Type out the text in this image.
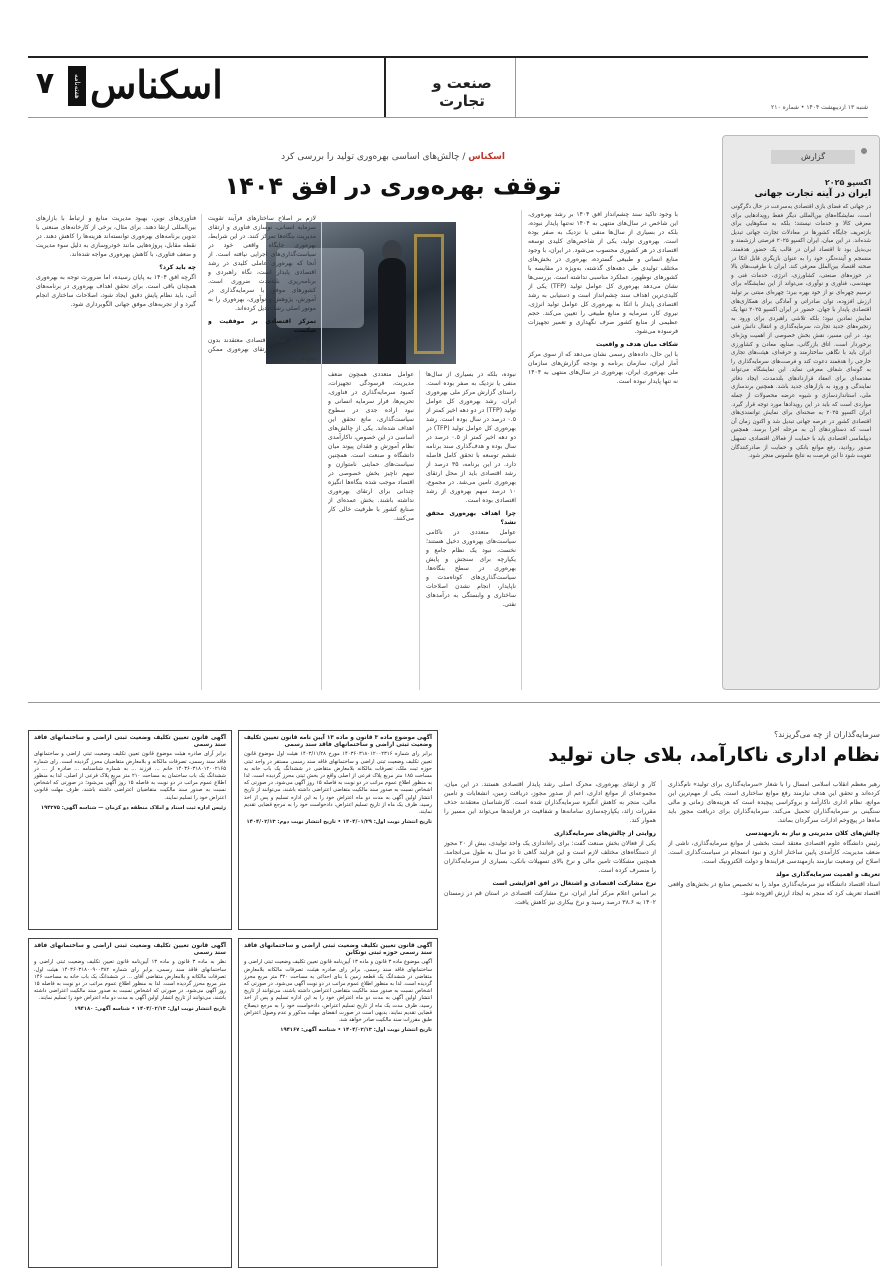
۷	هفته‌نامه اسکناس	صنعت و تجارت	شنبه ۱۳ اردیبهشت ۱۴۰۴ • شماره ۲۱۰
گزارش
اکسپو ۲۰۲۵
ایران در آینه تجارت جهانی

در جهانی که فضای بازی اقتصادی به‌سرعت در حال دگرگونی است، نمایشگاه‌های بین‌المللی دیگر فقط رویدادهایی برای معرفی کالا و خدمات نیستند؛ بلکه به سکوهایی برای بازتعریف جایگاه کشورها در معادلات تجارت جهانی تبدیل شده‌اند. در این میان، ایران اکسپو ۲۰۲۵ فرصتی ارزشمند و بی‌بدیل بود تا اقتصاد ایران در قالب یک حضور هدفمند، منسجم و آینده‌نگر، خود را به عنوان بازیگری قابل اتکا در صحنه اقتصاد بین‌الملل معرفی کند. ایران با ظرفیت‌های بالا در حوزه‌های صنعتی، کشاورزی، انرژی، خدمات فنی و مهندسی، فناوری و نوآوری، می‌تواند از این نمایشگاه برای ترسیم چهره‌ای نو از خود بهره ببرد؛ چهره‌ای مبتنی بر تولید ارزش افزوده، توان صادراتی و آمادگی برای همکاری‌های اقتصادی پایدار با جهان. حضور در ایران اکسپو ۲۰۲۵ تنها یک نمایش نمادین نبود؛ بلکه تلاشی راهبردی برای ورود به زنجیره‌های جدید تجارت، سرمایه‌گذاری و انتقال دانش فنی بود. در این مسیر، نقش بخش خصوصی از اهمیت ویژه‌ای برخوردار است. اتاق بازرگانی، صنایع، معادن و کشاورزی ایران باید با نگاهی ساختارمند و حرفه‌ای، هیئت‌های تجاری خارجی را هدفمند دعوت کند و فرصت‌های سرمایه‌گذاری را به گونه‌ای شفاف معرفی نماید. این نمایشگاه می‌تواند مقدمه‌ای برای انعقاد قراردادهای بلندمدت، ایجاد دفاتر نمایندگی و ورود به بازارهای جدید باشد. همچنین برندسازی ملی، استانداردسازی و شیوه عرضه محصولات از جمله مواردی است که باید در این رویدادها مورد توجه قرار گیرد. ایران اکسپو ۲۰۲۵ به صحنه‌ای برای نمایش توانمندی‌های اقتصادی کشور در عرصه جهانی تبدیل شد و اکنون زمان آن است که دستاوردهای آن به مرحله اجرا برسد. همچنین دیپلماسی اقتصادی باید با حمایت از فعالان اقتصادی، تسهیل صدور روادید، رفع موانع بانکی و حمایت از صادرکنندگان تقویت شود تا این فرصت به نتایج ملموس منجر شود.

اسکناس / چالش‌های اساسی بهره‌وری تولید را بررسی کرد
توقف بهره‌وری در افق ۱۴۰۴
با وجود تاکید سند چشم‌انداز افق ۱۴۰۴ بر رشد بهره‌وری، این شاخص در سال‌های منتهی به ۱۴۰۴ نه‌تنها پایدار نبوده، بلکه در بسیاری از سال‌ها منفی یا نزدیک به صفر بوده است. بهره‌وری تولید، یکی از شاخص‌های کلیدی توسعه اقتصادی در هر کشوری محسوب می‌شود. در ایران، با وجود منابع انسانی و طبیعی گسترده، بهره‌وری در بخش‌های مختلف تولیدی طی دهه‌های گذشته، به‌ویژه در مقایسه با کشورهای نوظهور، عملکرد مناسبی نداشته است. بررسی‌ها نشان می‌دهد بهره‌وری کل عوامل تولید (TFP) یکی از کلیدی‌ترین اهداف سند چشم‌انداز است و دستیابی به رشد اقتصادی پایدار با اتکا به بهره‌وری کل عوامل تولید انرژی، نیروی کار، سرمایه و منابع طبیعی را تعیین می‌کند. حجم عظیمی از منابع کشور صرف نگهداری و تعمیر تجهیزات فرسوده می‌شود.
شکاف میان هدف و واقعیت
با این حال، داده‌های رسمی نشان می‌دهد که از سوی مرکز آمار ایران، سازمان برنامه و بودجه گزارش‌های سازمان ملی بهره‌وری ایران، بهره‌وری در سال‌های منتهی به ۱۴۰۴ نه‌ تنها پایدار نبوده است.
نبوده، بلکه در بسیاری از سال‌ها منفی یا نزدیک به صفر بوده است. راستای گزارش مرکز ملی بهره‌وری ایران، رشد بهره‌وری کل عوامل تولید (TFP) در دو دهه اخیر کمتر از ۰.۵ درصد در سال بوده است. رشد بهره‌وری کل عوامل تولید (TFP) در دو دهه اخیر کمتر از ۰.۵ درصد در سال بوده و هدف‌گذاری سند برنامه ششم توسعه با تحقق کامل فاصله دارد. در این برنامه، ۳۵ درصد از رشد اقتصادی باید از محل ارتقای بهره‌وری تامین می‌شد. در مجموع، ۱۰ درصد سهم بهره‌وری از رشد اقتصادی بوده است.
چرا اهداف بهره‌وری محقق نشد؟
عوامل متعددی در ناکامی سیاست‌های بهره‌وری دخیل هستند؛ نخست، نبود یک نظام جامع و یکپارچه برای سنجش و پایش بهره‌وری در سطح بنگاه‌ها. سیاست‌گذاری‌های کوتاه‌مدت و ناپایدار، انجام نشدن اصلاحات ساختاری و وابستگی به درآمدهای نفتی.
عوامل متعددی همچون ضعف مدیریت، فرسودگی تجهیزات، کمبود سرمایه‌گذاری در فناوری، تحریم‌ها، فرار سرمایه انسانی و نبود اراده جدی در سطوح سیاست‌گذاری، مانع تحقق این اهداف شده‌اند. یکی از چالش‌های اساسی در این خصوص، ناکارآمدی نظام آموزش و فقدان پیوند میان دانشگاه و صنعت است. همچنین سیاست‌های حمایتی نامتوازن و سهم ناچیز بخش خصوصی در اقتصاد موجب شده بنگاه‌ها انگیزه چندانی برای ارتقای بهره‌وری نداشته باشند. بخش عمده‌ای از صنایع کشور با ظرفیت خالی کار می‌کنند.
لازم بر اصلاح ساختارهای فرآیند تقویت سرمایه انسانی، نوسازی فناوری و ارتقای مدیریت بنگاه‌ها تمرکز کنند. در این شرایط، بهره‌وری جایگاه واقعی خود در سیاست‌گذاری‌های اجرایی نیافته است. از آنجا که بهره‌وری عاملی کلیدی در رشد اقتصادی پایدار است، نگاه راهبردی و برنامه‌ریزی بلندمدت ضروری است. کشورهای موفق با سرمایه‌گذاری در آموزش، پژوهش و نوآوری، بهره‌وری را به موتور اصلی رشد تبدیل کرده‌اند.
تمرکز اقتصادی بر موفقیت و شکست
بسیاری از فعالان اقتصادی معتقدند بدون اصلاح ساختاری، ارتقای بهره‌وری ممکن نخواهد بود.
فناوری‌های نوین، بهبود مدیریت منابع و ارتباط با بازارهای بین‌المللی ارتقا دهند. برای مثال، برخی از کارخانه‌های صنعتی با تدوین برنامه‌های بهره‌وری توانسته‌اند هزینه‌ها را کاهش دهند. در نقطه مقابل، پروژه‌هایی مانند خودروسازی به دلیل سوء مدیریت و ضعف فناوری، با کاهش بهره‌وری مواجه شده‌اند.
چه باید کرد؟
اگرچه افق ۱۴۰۴ به پایان رسیده، اما ضرورت توجه به بهره‌وری همچنان باقی است. برای تحقق اهداف بهره‌وری در برنامه‌های آتی، باید نظام پایش دقیق ایجاد شود، اصلاحات ساختاری انجام گیرد و از تجربه‌های موفق جهانی الگوبرداری شود.
سرمایه‌گذاران از چه می‌گریزند؟
نظام اداری ناکارآمد، بلای جان تولید
رهبر معظم انقلاب اسلامی امسال را با شعار «سرمایه‌گذاری برای تولید» نام‌گذاری کرده‌اند و تحقق این هدف نیازمند رفع موانع ساختاری است. یکی از مهم‌ترین این موانع، نظام اداری ناکارآمد و بروکراسی پیچیده است که هزینه‌های زمانی و مالی سنگینی بر سرمایه‌گذاران تحمیل می‌کند. سرمایه‌گذاران برای دریافت مجوز باید ماه‌ها در پیچ‌وخم ادارات سرگردان بمانند.
چالش‌های کلان مدیریتی و نیاز به بازمهندسی
رئیس دانشگاه علوم اقتصادی معتقد است بخشی از موانع سرمایه‌گذاری، ناشی از ضعف مدیریت، کارآمدی پایین ساختار اداری و نبود انسجام در سیاست‌گذاری است. اصلاح این وضعیت نیازمند بازمهندسی فرایندها و دولت الکترونیک است.
تعریف و اهمیت سرمایه‌گذاری مولد
استاد اقتصاد دانشگاه نیز سرمایه‌گذاری مولد را به تخصیص منابع در بخش‌های واقعی اقتصاد تعریف کرد که منجر به ایجاد ارزش افزوده شود.
کار و ارتقای بهره‌وری، محرک اصلی رشد پایدار اقتصادی هستند. در این میان، مجموعه‌ای از موانع اداری، اعم از صدور مجوز، دریافت زمین، انشعابات و تامین مالی، منجر به کاهش انگیزه سرمایه‌گذاران شده است. کارشناسان معتقدند حذف مقررات زائد، یکپارچه‌سازی سامانه‌ها و شفافیت در فرایندها می‌تواند این مسیر را هموار کند.
روایتی از چالش‌های سرمایه‌گذاری
یکی از فعالان بخش صنعت گفت: برای راه‌اندازی یک واحد تولیدی، بیش از ۲۰ مجوز از دستگاه‌های مختلف لازم است و این فرایند گاهی تا دو سال به طول می‌انجامد. همچنین مشکلات تامین مالی و نرخ بالای تسهیلات بانکی، بسیاری از سرمایه‌گذاران را منصرف کرده است.
نرخ مشارکت اقتصادی و اشتغال در افق افزایشی است
بر اساس اعلام مرکز آمار ایران، نرخ مشارکت اقتصادی در استان قم در زمستان ۱۴۰۲ به ۳۸.۶ درصد رسید و نرخ بیکاری نیز کاهش یافت.
آگهی موضوع ماده ۳ قانون و ماده ۱۳ آیین نامه قانون تعیین تکلیف وضعیت ثبتی اراضی و ساختمانهای فاقد سند رسمی
برابر رای شماره ۱۴۰۳۶۰۳۱۸۰۱۲۰۰۲۳۱۶ مورخ ۱۴۰۳/۱۱/۲۸ هیئت اول موضوع قانون تعیین تکلیف وضعیت ثبتی اراضی و ساختمانهای فاقد سند رسمی مستقر در واحد ثبتی حوزه ثبت ملک، تصرفات مالکانه بلامعارض متقاضی در ششدانگ یک باب خانه به مساحت ۱۸۵ متر مربع پلاک فرعی از اصلی واقع در بخش ثبتی محرز گردیده است. لذا به منظور اطلاع عموم مراتب در دو نوبت به فاصله ۱۵ روز آگهی می‌شود. در صورتی که اشخاص نسبت به صدور سند مالکیت متقاضی اعتراضی داشته باشند، می‌توانند از تاریخ انتشار اولین آگهی به مدت دو ماه اعتراض خود را به این اداره تسلیم و پس از اخذ رسید، ظرف یک ماه از تاریخ تسلیم اعتراض، دادخواست خود را به مرجع قضایی تقدیم نمایند.
تاریخ انتشار نوبت اول: ۱۴۰۴/۰۱/۲۹ • تاریخ انتشار نوبت دوم: ۱۴۰۴/۰۲/۱۳
آگهی قانون تعیین تکلیف وضعیت ثبتی اراضی و ساختمانهای فاقد سند رسمی
برابر آرای صادره هیئت موضوع قانون تعیین تکلیف وضعیت ثبتی اراضی و ساختمانهای فاقد سند رسمی، تصرفات مالکانه و بلامعارض متقاضیان محرز گردیده است. رای شماره ۱۴۰۳۶۰۳۱۸۰۱۲۰۰۲۱۶۵ خانم ... فرزند ... به شماره شناسنامه ... صادره از ... در ششدانگ یک باب ساختمان به مساحت ۲۱۰ متر مربع پلاک فرعی از اصلی. لذا به منظور اطلاع عموم مراتب در دو نوبت به فاصله ۱۵ روز آگهی می‌شود؛ در صورتی که اشخاص نسبت به صدور سند مالکیت متقاضیان اعتراضی داشته باشند، ظرف مهلت قانونی اعتراض خود را تسلیم نمایند.
رئیس اداره ثبت اسناد و املاک منطقه دو کرمان — شناسه آگهی: ۱۹۴۲۷۵
آگهی قانون تعیین تکلیف وضعیت ثبتی اراضی و ساختمانهای فاقد سند رسمی حوزه ثبتی تونکابن
آگهی موضوع ماده ۳ قانون و ماده ۱۳ آیین‌نامه قانون تعیین تکلیف وضعیت ثبتی اراضی و ساختمانهای فاقد سند رسمی. برابر رای صادره هیئت، تصرفات مالکانه بلامعارض متقاضی در ششدانگ یک قطعه زمین با بنای احداثی به مساحت ۳۲۰ متر مربع محرز گردیده است. لذا به منظور اطلاع عموم مراتب در دو نوبت آگهی می‌شود. در صورتی که اشخاص نسبت به صدور سند مالکیت متقاضی اعتراضی داشته باشند، می‌توانند از تاریخ انتشار اولین آگهی به مدت دو ماه اعتراض خود را به این اداره تسلیم و پس از اخذ رسید، ظرف مدت یک ماه از تاریخ تسلیم اعتراض، دادخواست خود را به مرجع ذیصلاح قضایی تقدیم نمایند. بدیهی است در صورت انقضای مهلت مذکور و عدم وصول اعتراض طبق مقررات سند مالکیت صادر خواهد شد.
تاریخ انتشار نوبت اول: ۱۴۰۴/۰۲/۱۳ • شناسه آگهی: ۱۹۴۱۶۷
آگهی قانون تعیین تکلیف وضعیت ثبتی اراضی و ساختمانهای فاقد سند رسمی
نظر به ماده ۳ قانون و ماده ۱۳ آیین‌نامه قانون تعیین تکلیف وضعیت ثبتی اراضی و ساختمانهای فاقد سند رسمی، برابر رای شماره ۱۴۰۳۶۰۳۱۸۰۰۹۰۰۳۸۲ هیئت اول، تصرفات مالکانه و بلامعارض متقاضی آقای ... در ششدانگ یک باب خانه به مساحت ۱۴۶ متر مربع محرز گردیده است. لذا به منظور اطلاع عموم مراتب در دو نوبت به فاصله ۱۵ روز آگهی می‌شود. در صورتی که اشخاص نسبت به صدور سند مالکیت اعتراضی داشته باشند، می‌توانند از تاریخ انتشار اولین آگهی به مدت دو ماه اعتراض خود را تسلیم نمایند.
تاریخ انتشار نوبت اول: ۱۴۰۴/۰۲/۱۳ • شناسه آگهی: ۱۹۴۱۸۰
